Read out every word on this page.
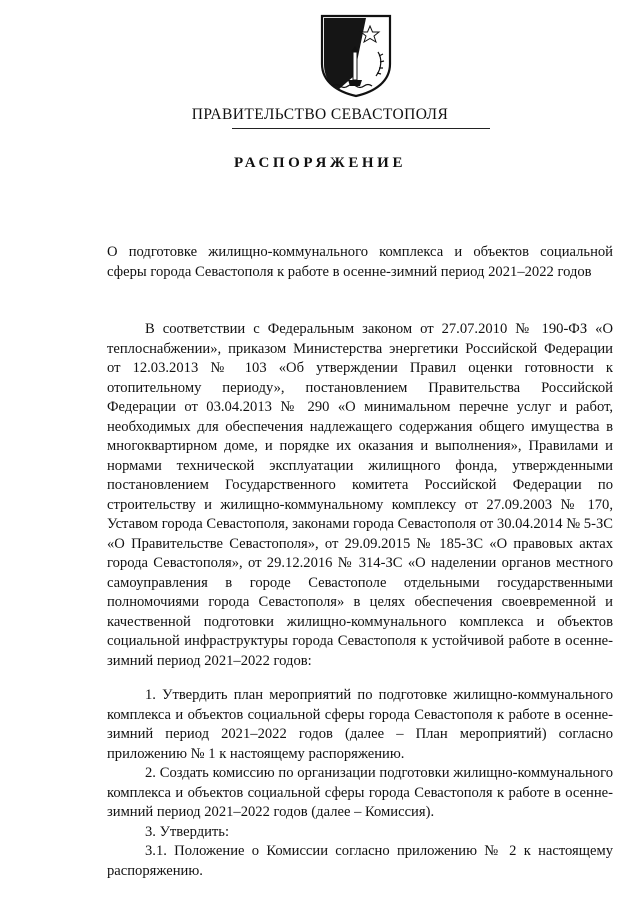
ПРАВИТЕЛЬСТВО СЕВАСТОПОЛЯ
РАСПОРЯЖЕНИЕ
О подготовке жилищно-коммунального комплекса и объектов социальной
сферы города Севастополя к работе в осенне-зимний период 2021–2022 годов

В соответствии с Федеральным законом от 27.07.2010 № 190-ФЗ «О теплоснабжении», приказом Министерства энергетики Российской Федерации от 12.03.2013 № 103 «Об утверждении Правил оценки готовности к отопительному периоду», постановлением Правительства Российской Федерации от 03.04.2013 № 290 «О минимальном перечне услуг и работ, необходимых для обеспечения надлежащего содержания общего имущества в многоквартирном доме, и порядке их оказания и выполнения», Правилами и нормами технической эксплуатации жилищного фонда, утвержденными постановлением Государственного комитета Российской Федерации по строительству и жилищно-коммунальному комплексу от 27.09.2003 № 170, Уставом города Севастополя, законами города Севастополя от 30.04.2014 № 5-ЗС «О Правительстве Севастополя», от 29.09.2015 № 185-ЗС «О правовых актах города Севастополя», от 29.12.2016 № 314-ЗС «О наделении органов местного самоуправления в городе Севастополе отдельными государственными полномочиями города Севастополя» в целях обеспечения своевременной и качественной подготовки жилищно-коммунального комплекса и объектов социальной инфраструктуры города Севастополя к устойчивой работе в осенне-зимний период 2021–2022 годов:

1. Утвердить план мероприятий по подготовке жилищно-коммунального комплекса и объектов социальной сферы города Севастополя к работе в осенне-зимний период 2021–2022 годов (далее – План мероприятий) согласно приложению № 1 к настоящему распоряжению.

2. Создать комиссию по организации подготовки жилищно-коммунального комплекса и объектов социальной сферы города Севастополя к работе в осенне-зимний период 2021–2022 годов (далее – Комиссия).

3. Утвердить:

3.1. Положение о Комиссии согласно приложению № 2 к настоящему распоряжению.
